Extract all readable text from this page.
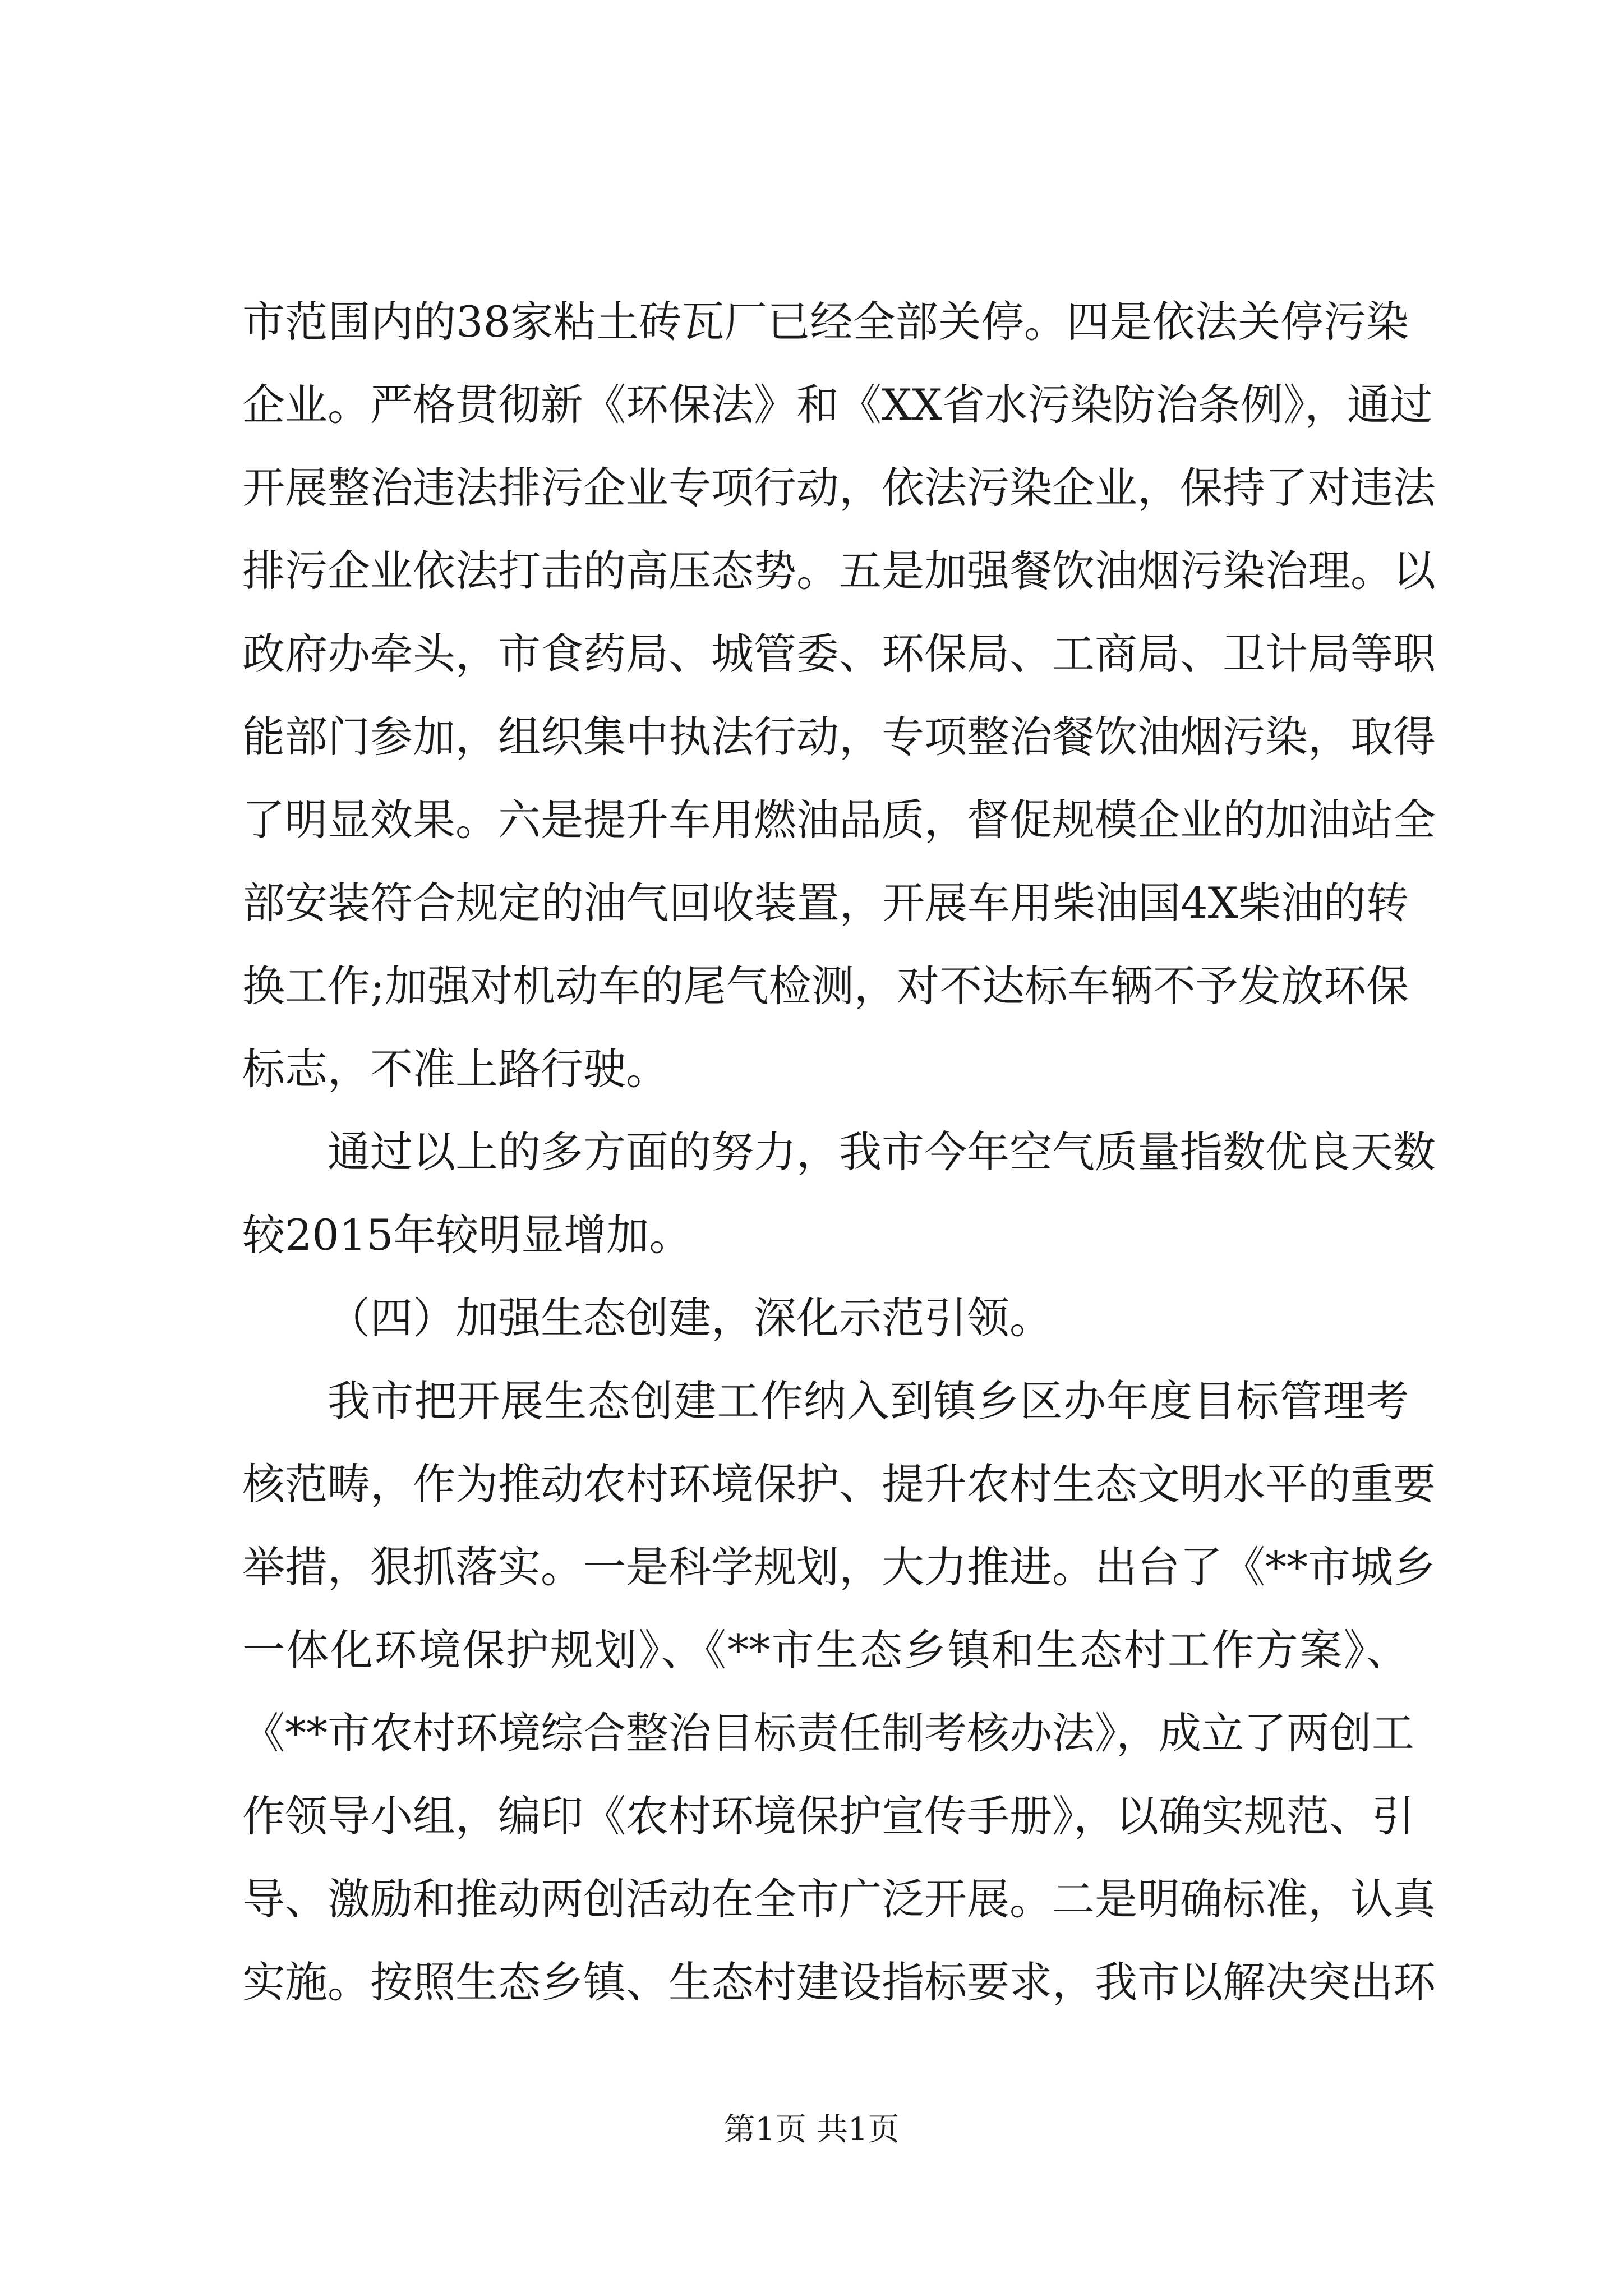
市范围内的38家粘土砖瓦厂已经全部关停。四是依法关停污染
企业。严格贯彻新《环保法》和《XX省水污染防治条例》，通过
开展整治违法排污企业专项行动，依法污染企业，保持了对违法
排污企业依法打击的高压态势。五是加强餐饮油烟污染治理。以
政府办牵头，市食药局、城管委、环保局、工商局、卫计局等职
能部门参加，组织集中执法行动，专项整治餐饮油烟污染，取得
了明显效果。六是提升车用燃油品质，督促规模企业的加油站全
部安装符合规定的油气回收装置，开展车用柴油国4X柴油的转
换工作;加强对机动车的尾气检测，对不达标车辆不予发放环保
标志，不准上路行驶。
通过以上的多方面的努力，我市今年空气质量指数优良天数
较2015年较明显增加。
（四）加强生态创建，深化示范引领。
我市把开展生态创建工作纳入到镇乡区办年度目标管理考
核范畴，作为推动农村环境保护、提升农村生态文明水平的重要
举措，狠抓落实。一是科学规划，大力推进。出台了《**市城乡
一体化环境保护规划》、《**市生态乡镇和生态村工作方案》、
《**市农村环境综合整治目标责任制考核办法》，成立了两创工
作领导小组，编印《农村环境保护宣传手册》，以确实规范、引
导、激励和推动两创活动在全市广泛开展。二是明确标准，认真
实施。按照生态乡镇、生态村建设指标要求，我市以解决突出环
第1页 共1页
